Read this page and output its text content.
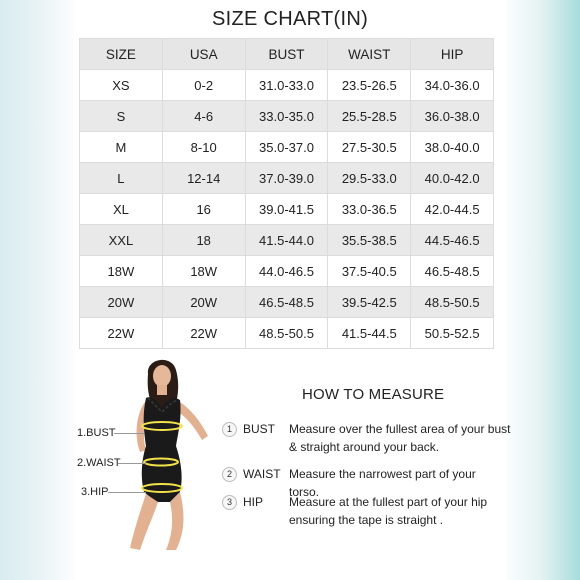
SIZE CHART(IN)
SIZE	USA	BUST	WAIST	HIP
XS	0-2	31.0-33.0	23.5-26.5	34.0-36.0
S	4-6	33.0-35.0	25.5-28.5	36.0-38.0
M	8-10	35.0-37.0	27.5-30.5	38.0-40.0
L	12-14	37.0-39.0	29.5-33.0	40.0-42.0
XL	16	39.0-41.5	33.0-36.5	42.0-44.5
XXL	18	41.5-44.0	35.5-38.5	44.5-46.5
18W	18W	44.0-46.5	37.5-40.5	46.5-48.5
20W	20W	46.5-48.5	39.5-42.5	48.5-50.5
22W	22W	48.5-50.5	41.5-44.5	50.5-52.5
1.BUST
2.WAIST
3.HIP
HOW TO MEASURE
1 BUST Measure over the fullest area of your bust & straight around your back.
2 WAIST Measure the narrowest part of your torso.
3 HIP Measure at the fullest part of your hip ensuring the tape is straight .
